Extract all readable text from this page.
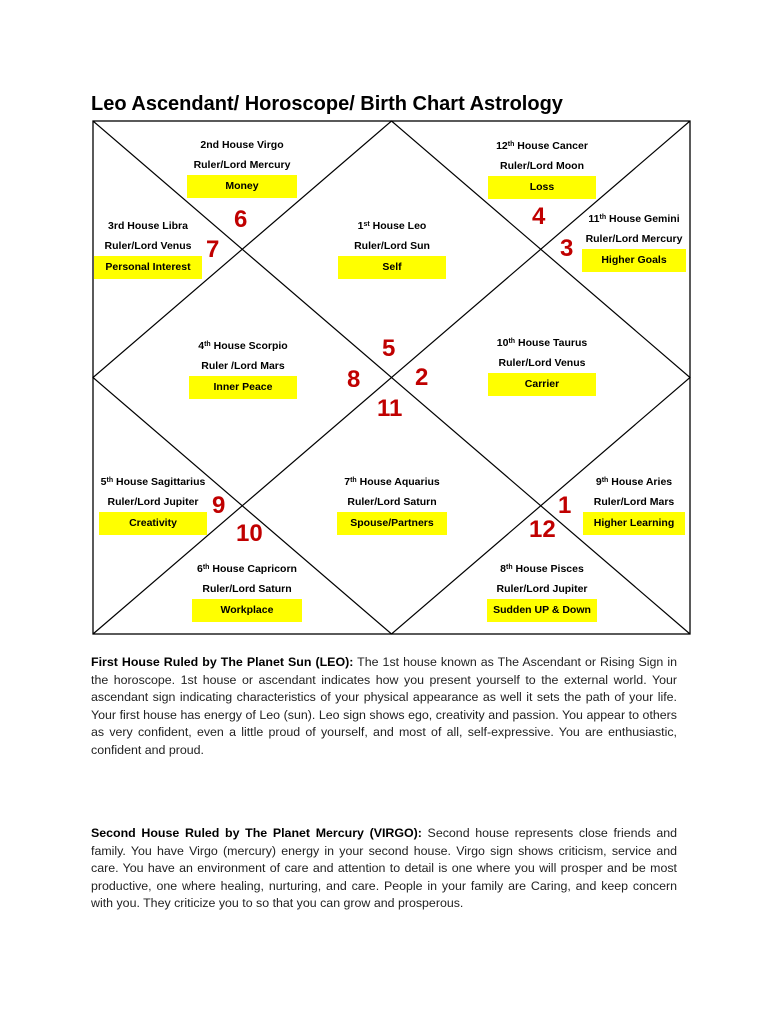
Leo Ascendant/ Horoscope/ Birth Chart Astrology
1st House Leo
Ruler/Lord Sun
Self
2nd House Virgo
Ruler/Lord Mercury
Money
3rd House Libra
Ruler/Lord Venus
Personal Interest
4th House Scorpio
Ruler /Lord Mars
Inner Peace
5th House Sagittarius
Ruler/Lord Jupiter
Creativity
6th House Capricorn
Ruler/Lord Saturn
Workplace
7th House Aquarius
Ruler/Lord Saturn
Spouse/Partners
8th House Pisces
Ruler/Lord Jupiter
Sudden UP & Down
9th House Aries
Ruler/Lord Mars
Higher Learning
10th House Taurus
Ruler/Lord Venus
Carrier
11th House Gemini
Ruler/Lord Mercury
Higher Goals
12th House Cancer
Ruler/Lord Moon
Loss
5
6
7
8
9
10
11
12
1
2
3
4
First House Ruled by The Planet Sun (LEO): The 1st house known as The Ascendant or Rising Sign in the horoscope. 1st house or ascendant indicates how you present yourself to the external world. Your ascendant sign indicating characteristics of your physical appearance as well it sets the path of your life. Your first house has energy of Leo (sun). Leo sign shows ego, creativity and passion. You appear to others as very confident, even a little proud of yourself, and most of all, self-expressive. You are enthusiastic, confident and proud.
Second House Ruled by The Planet Mercury (VIRGO): Second house represents close friends and family. You have Virgo (mercury) energy in your second house. Virgo sign shows criticism, service and care. You have an environment of care and attention to detail is one where you will prosper and be most productive, one where healing, nurturing, and care. People in your family are Caring, and keep concern with you. They criticize you to so that you can grow and prosperous.
